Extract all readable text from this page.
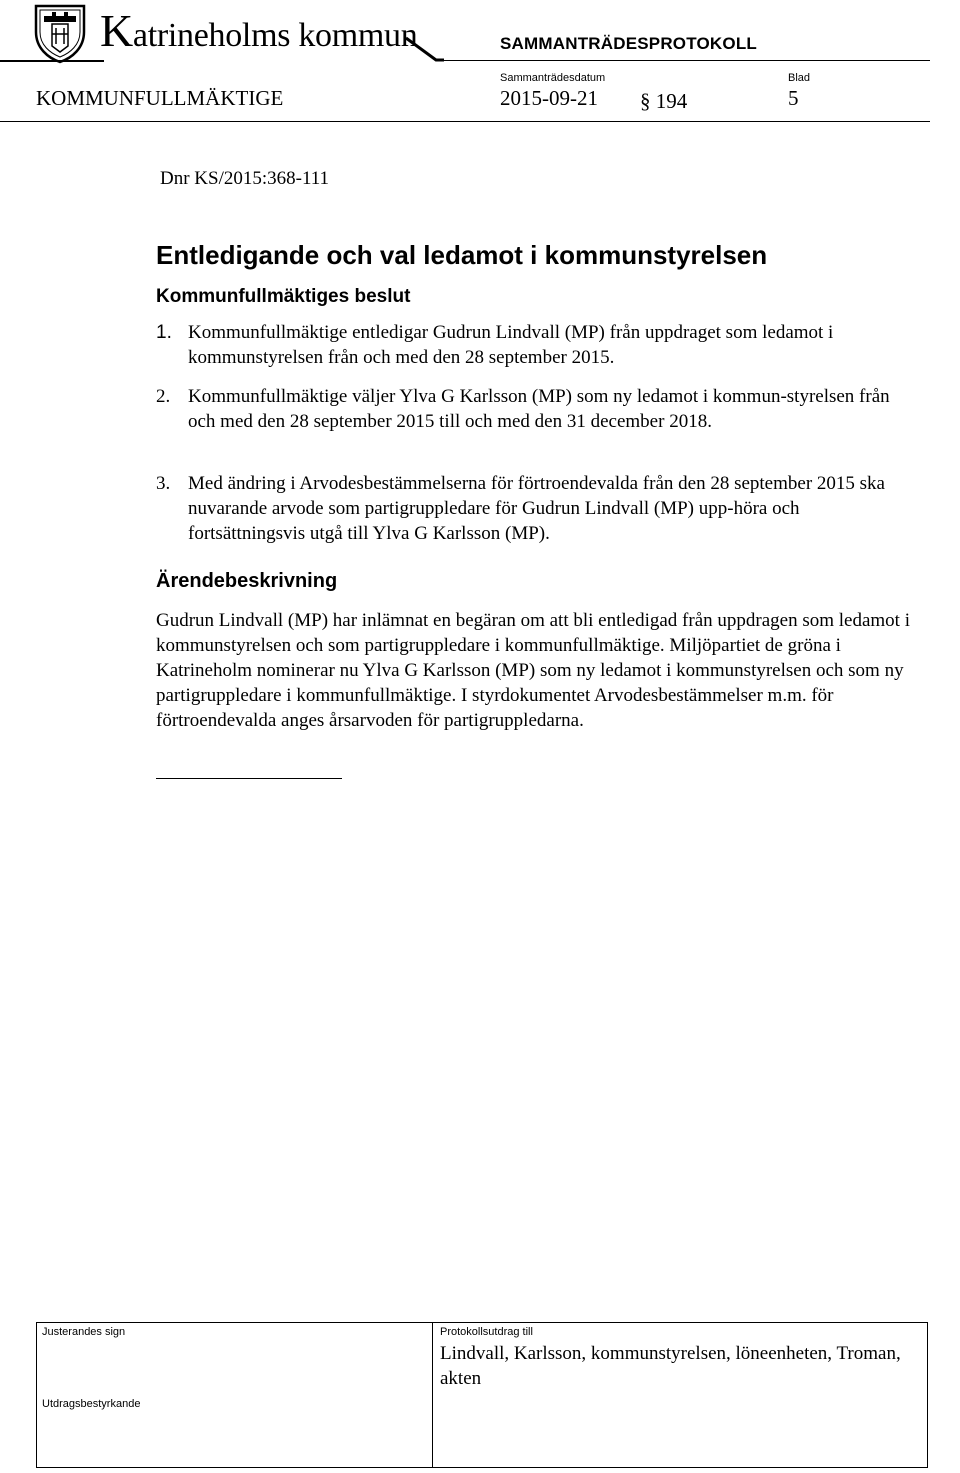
Katrineholms kommun	SAMMANTRÄDESPROTOKOLL
Sammanträdesdatum	Blad
KOMMUNFULLMÄKTIGE	2015-09-21 § 194	5
Dnr KS/2015:368-111
Entledigande och val ledamot i kommunstyrelsen
Kommunfullmäktiges beslut
1. Kommunfullmäktige entledigar Gudrun Lindvall (MP) från uppdraget som ledamot i kommunstyrelsen från och med den 28 september 2015.
2. Kommunfullmäktige väljer Ylva G Karlsson (MP) som ny ledamot i kommun-styrelsen från och med den 28 september 2015 till och med den 31 december 2018.
3. Med ändring i Arvodesbestämmelserna för förtroendevalda från den 28 september 2015 ska nuvarande arvode som partigruppledare för Gudrun Lindvall (MP) upp-höra och fortsättningsvis utgå till Ylva G Karlsson (MP).
Ärendebeskrivning
Gudrun Lindvall (MP) har inlämnat en begäran om att bli entledigad från uppdragen som ledamot i kommunstyrelsen och som partigruppledare i kommunfullmäktige. Miljöpartiet de gröna i Katrineholm nominerar nu Ylva G Karlsson (MP) som ny ledamot i kommunstyrelsen och som ny partigruppledare i kommunfullmäktige. I styrdokumentet Arvodesbestämmelser m.m. för förtroendevalda anges årsarvoden för partigruppledarna.
Justerandes sign
Utdragsbestyrkande
Protokollsutdrag till
Lindvall, Karlsson, kommunstyrelsen, löneenheten, Troman, akten
